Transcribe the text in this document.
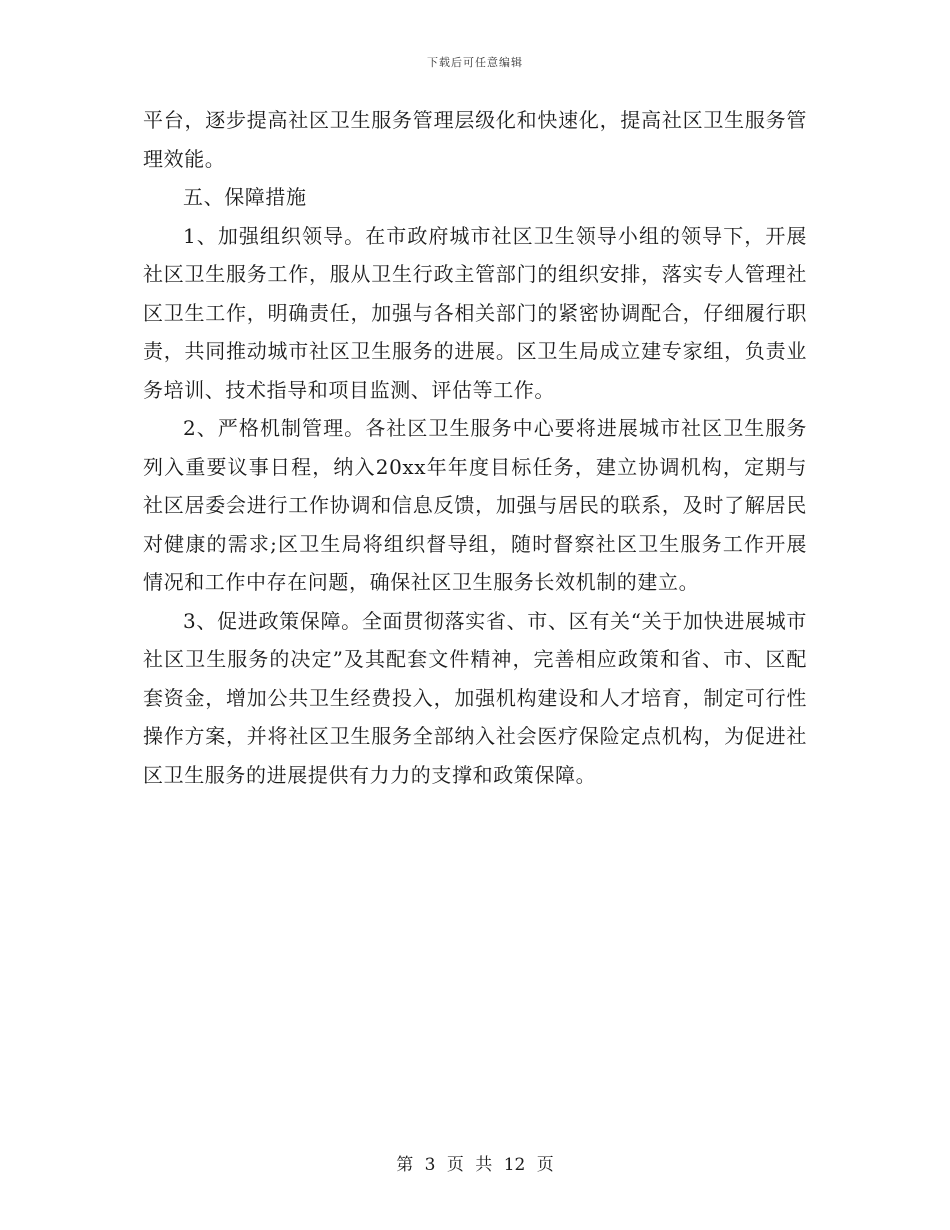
下载后可任意编辑

平台，逐步提高社区卫生服务管理层级化和快速化，提高社区卫生服务管理效能。

五、保障措施

1、加强组织领导。在市政府城市社区卫生领导小组的领导下，开展社区卫生服务工作，服从卫生行政主管部门的组织安排，落实专人管理社区卫生工作，明确责任，加强与各相关部门的紧密协调配合，仔细履行职责，共同推动城市社区卫生服务的进展。区卫生局成立建专家组，负责业务培训、技术指导和项目监测、评估等工作。

2、严格机制管理。各社区卫生服务中心要将进展城市社区卫生服务列入重要议事日程，纳入20xx年年度目标任务，建立协调机构，定期与社区居委会进行工作协调和信息反馈，加强与居民的联系，及时了解居民对健康的需求;区卫生局将组织督导组，随时督察社区卫生服务工作开展情况和工作中存在问题，确保社区卫生服务长效机制的建立。

3、促进政策保障。全面贯彻落实省、市、区有关“关于加快进展城市社区卫生服务的决定”及其配套文件精神，完善相应政策和省、市、区配套资金，增加公共卫生经费投入，加强机构建设和人才培育，制定可行性操作方案，并将社区卫生服务全部纳入社会医疗保险定点机构，为促进社区卫生服务的进展提供有力力的支撑和政策保障。

第 3 页 共 12 页
